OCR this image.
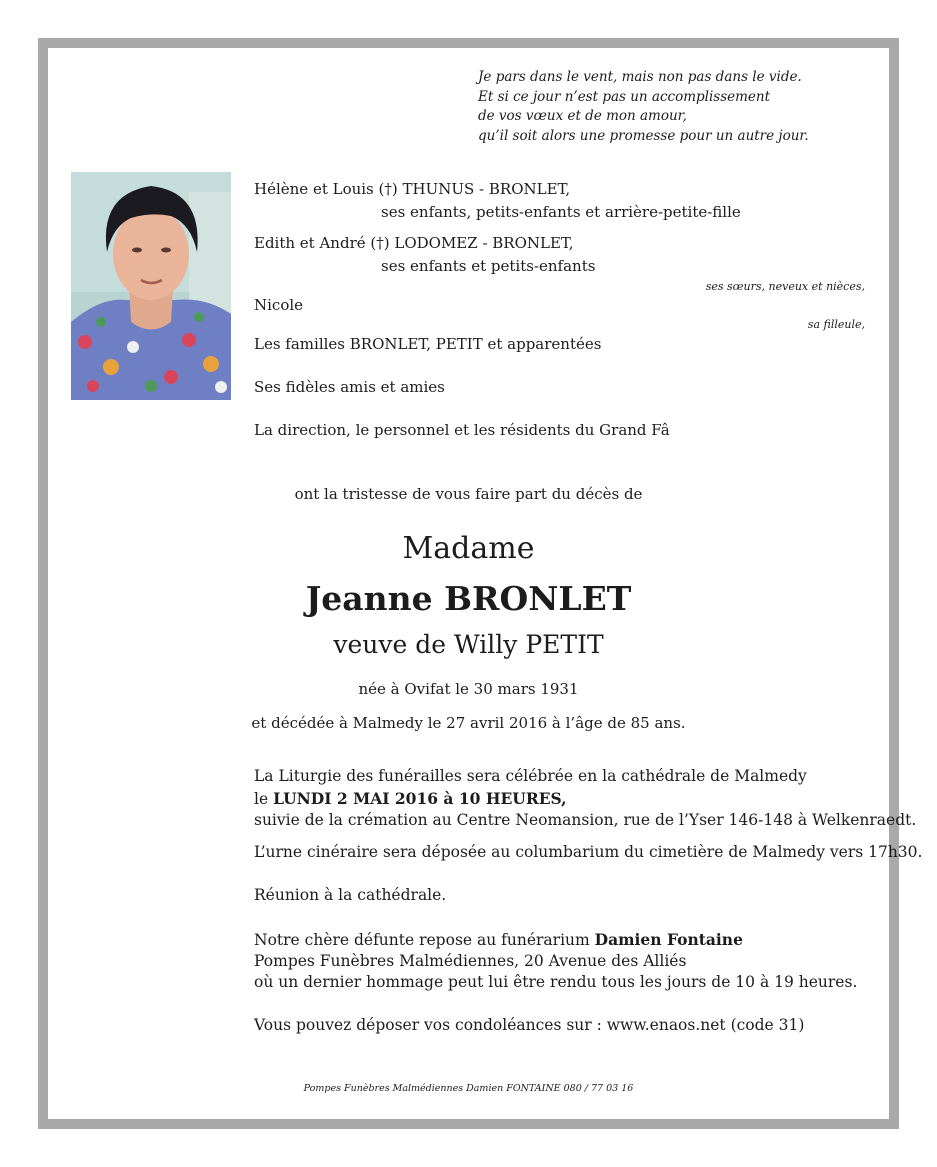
Je pars dans le vent, mais non pas dans le vide.
Et si ce jour n’est pas un accomplissement
de vos vœux et de mon amour,
qu’il soit alors une promesse pour un autre jour.
Hélène et Louis (†) THUNUS - BRONLET,
ses enfants, petits-enfants et arrière-petite-fille
Edith et André (†) LODOMEZ - BRONLET,
ses enfants et petits-enfants
ses sœurs, neveux et nièces,
Nicole
sa filleule,
Les familles BRONLET, PETIT et apparentées
Ses fidèles amis et amies
La direction, le personnel et les résidents du Grand Fâ
ont la tristesse de vous faire part du décès de
Madame
Jeanne BRONLET
veuve de Willy PETIT
née à Ovifat le 30 mars 1931
et décédée à Malmedy le 27 avril 2016 à l’âge de 85 ans.
La Liturgie des funérailles sera célébrée en la cathédrale de Malmedy
le LUNDI 2 MAI 2016 à 10 HEURES,
suivie de la crémation au Centre Neomansion, rue de l’Yser 146-148 à Welkenraedt.
L’urne cinéraire sera déposée au columbarium du cimetière de Malmedy vers 17h30.
Réunion à la cathédrale.
Notre chère défunte repose au funérarium Damien Fontaine
Pompes Funèbres Malmédiennes, 20 Avenue des Alliés
où un dernier hommage peut lui être rendu tous les jours de 10 à 19 heures.
Vous pouvez déposer vos condoléances sur : www.enaos.net (code 31)
Pompes Funèbres Malmédiennes Damien FONTAINE 080 / 77 03 16
